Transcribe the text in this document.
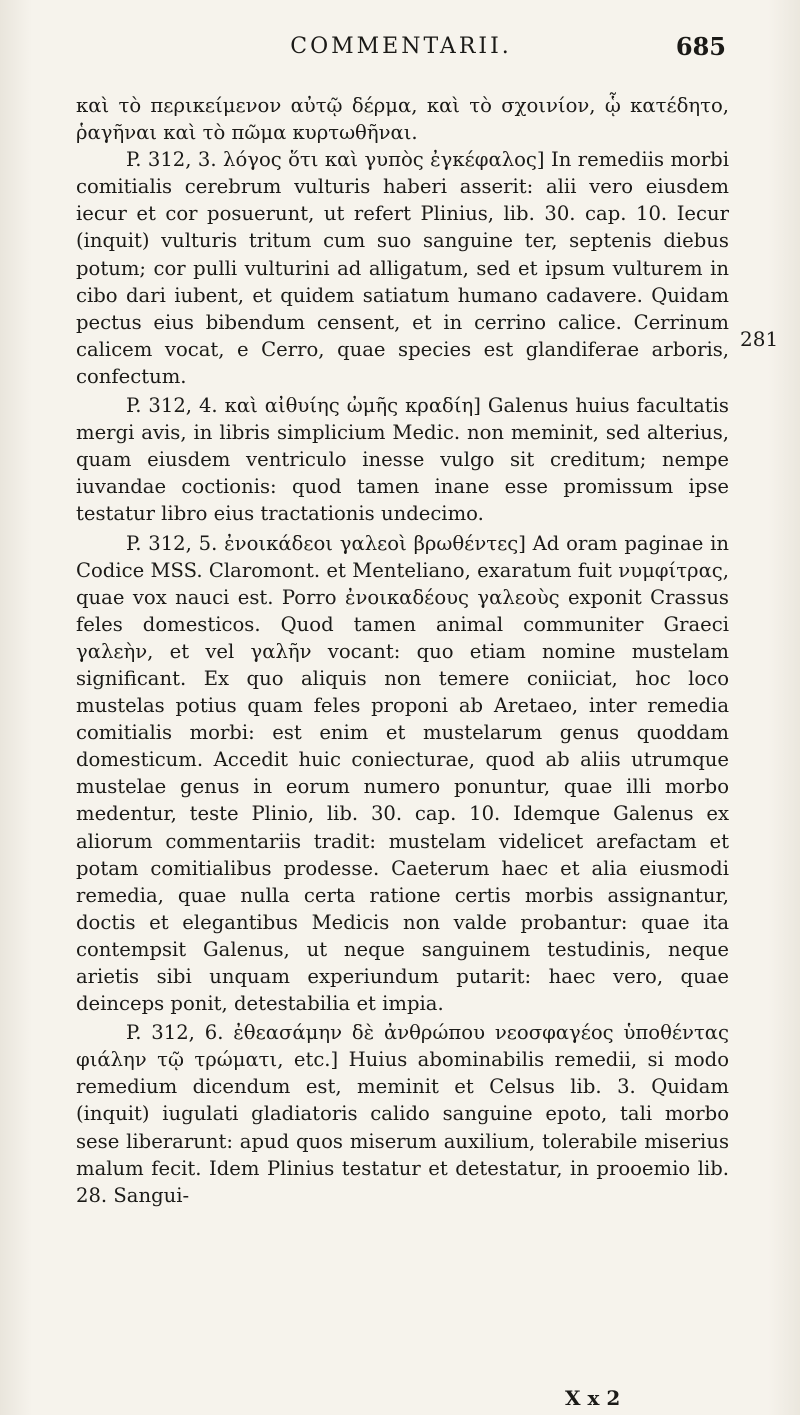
COMMENTARII.	685

καὶ τὸ περικείμενον αὐτῷ δέρμα, καὶ τὸ σχοινίον, ᾧ κατέδητο, ῥαγῆναι καὶ τὸ πῶμα κυρτωθῆναι.

P. 312, 3. λόγος ὅτι καὶ γυπὸς ἐγκέφαλος] In remediis morbi comitialis cerebrum vulturis haberi asserit: alii vero eiusdem iecur et cor posuerunt, ut refert Plinius, lib. 30. cap. 10. Iecur (inquit) vulturis tritum cum suo sanguine ter, septenis diebus potum; cor pulli vulturini ad alligatum, sed et ipsum vulturem in cibo dari iubent, et quidem satiatum humano cadavere. Quidam pectus eius bibendum censent, et in cerrino calice. Cerrinum calicem vocat, e Cerro, quae species est glandiferae arboris, confectum.

P. 312, 4. καὶ αἰθυίης ὠμῆς κραδίη] Galenus huius facultatis mergi avis, in libris simplicium Medic. non meminit, sed alterius, quam eiusdem ventriculo inesse vulgo sit creditum; nempe iuvandae coctionis: quod tamen inane esse promissum ipse testatur libro eius tractationis undecimo.

P. 312, 5. ἐνοικάδεοι γαλεοὶ βρωθέντες] Ad oram paginae in Codice MSS. Claromont. et Menteliano, exaratum fuit νυμφίτρας, quae vox nauci est. Porro ἐνοικαδέους γαλεοὺς exponit Crassus feles domesticos. Quod tamen animal communiter Graeci γαλεὴν, et vel γαλῆν vocant: quo etiam nomine mustelam significant. Ex quo aliquis non temere coniiciat, hoc loco mustelas potius quam feles proponi ab Aretaeo, inter remedia comitialis morbi: est enim et mustelarum genus quoddam domesticum. Accedit huic coniecturae, quod ab aliis utrumque mustelae genus in eorum numero ponuntur, quae illi morbo medentur, teste Plinio, lib. 30. cap. 10. Idemque Galenus ex aliorum commentariis tradit: mustelam videlicet arefactam et potam comitialibus prodesse. Caeterum haec et alia eiusmodi remedia, quae nulla certa ratione certis morbis assignantur, doctis et elegantibus Medicis non valde probantur: quae ita contempsit Galenus, ut neque sanguinem testudinis, neque arietis sibi unquam experiundum putarit: haec vero, quae deinceps ponit, detestabilia et impia.

P. 312, 6. ἐθεασάμην δὲ ἀνθρώπου νεοσφαγέος ὑποθέντας φιάλην τῷ τρώματι, etc.] Huius abominabilis remedii, si modo remedium dicendum est, meminit et Celsus lib. 3. Quidam (inquit) iugulati gladiatoris calido sanguine epoto, tali morbo sese liberarunt: apud quos miserum auxilium, tolerabile miserius malum fecit. Idem Plinius testatur et detestatur, in prooemio lib. 28. Sangui-

281
X x 2
